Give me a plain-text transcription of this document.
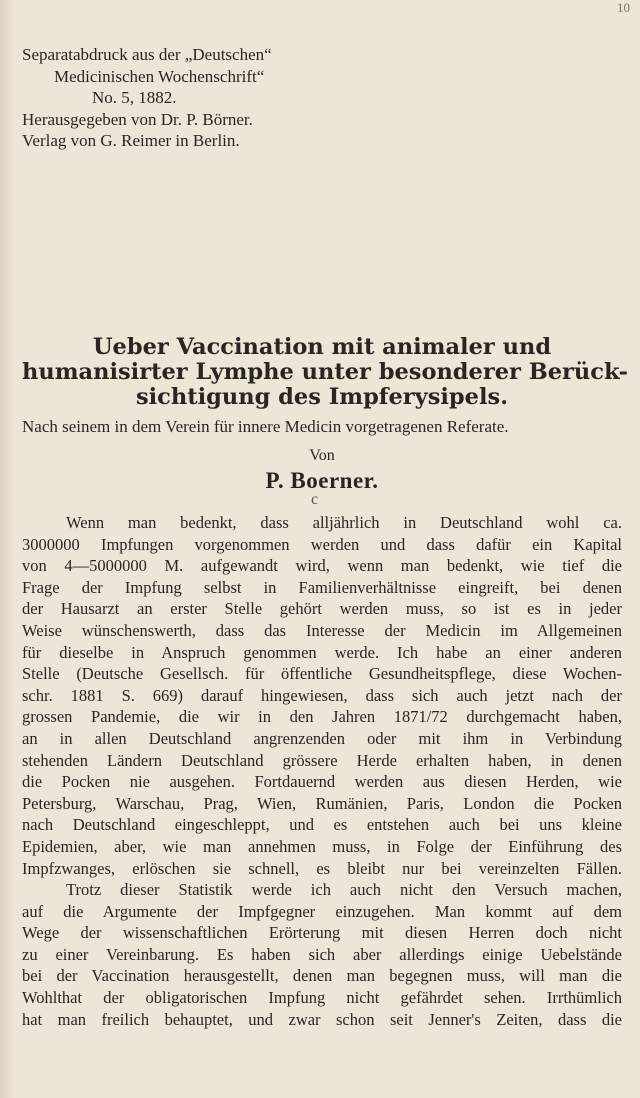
10
Separatabdruck aus der „Deutschen“
Medicinischen Wochenschrift“
No. 5, 1882.
Herausgegeben von Dr. P. Börner.
Verlag von G. Reimer in Berlin.
Ueber Vaccination mit animaler und
humanisirter Lymphe unter besonderer Berück-
sichtigung des Impferysipels.
Nach seinem in dem Verein für innere Medicin vorgetragenen Referate.
Von
P. Boerner.
c
Wenn man bedenkt, dass alljährlich in Deutschland wohl ca.
3000000 Impfungen vorgenommen werden und dass dafür ein Kapital
von 4—5000000 M. aufgewandt wird, wenn man bedenkt, wie tief die
Frage der Impfung selbst in Familienverhältnisse eingreift, bei denen
der Hausarzt an erster Stelle gehört werden muss, so ist es in jeder
Weise wünschenswerth, dass das Interesse der Medicin im Allgemeinen
für dieselbe in Anspruch genommen werde. Ich habe an einer anderen
Stelle (Deutsche Gesellsch. für öffentliche Gesundheitspflege, diese Wochen-
schr. 1881 S. 669) darauf hingewiesen, dass sich auch jetzt nach der
grossen Pandemie, die wir in den Jahren 1871/72 durchgemacht haben,
an in allen Deutschland angrenzenden oder mit ihm in Verbindung
stehenden Ländern Deutschland grössere Herde erhalten haben, in denen
die Pocken nie ausgehen. Fortdauernd werden aus diesen Herden, wie
Petersburg, Warschau, Prag, Wien, Rumänien, Paris, London die Pocken
nach Deutschland eingeschleppt, und es entstehen auch bei uns kleine
Epidemien, aber, wie man annehmen muss, in Folge der Einführung des
Impfzwanges, erlöschen sie schnell, es bleibt nur bei vereinzelten Fällen.
Trotz dieser Statistik werde ich auch nicht den Versuch machen,
auf die Argumente der Impfgegner einzugehen. Man kommt auf dem
Wege der wissenschaftlichen Erörterung mit diesen Herren doch nicht
zu einer Vereinbarung. Es haben sich aber allerdings einige Uebelstände
bei der Vaccination herausgestellt, denen man begegnen muss, will man die
Wohlthat der obligatorischen Impfung nicht gefährdet sehen. Irrthümlich
hat man freilich behauptet, und zwar schon seit Jenner's Zeiten, dass die
